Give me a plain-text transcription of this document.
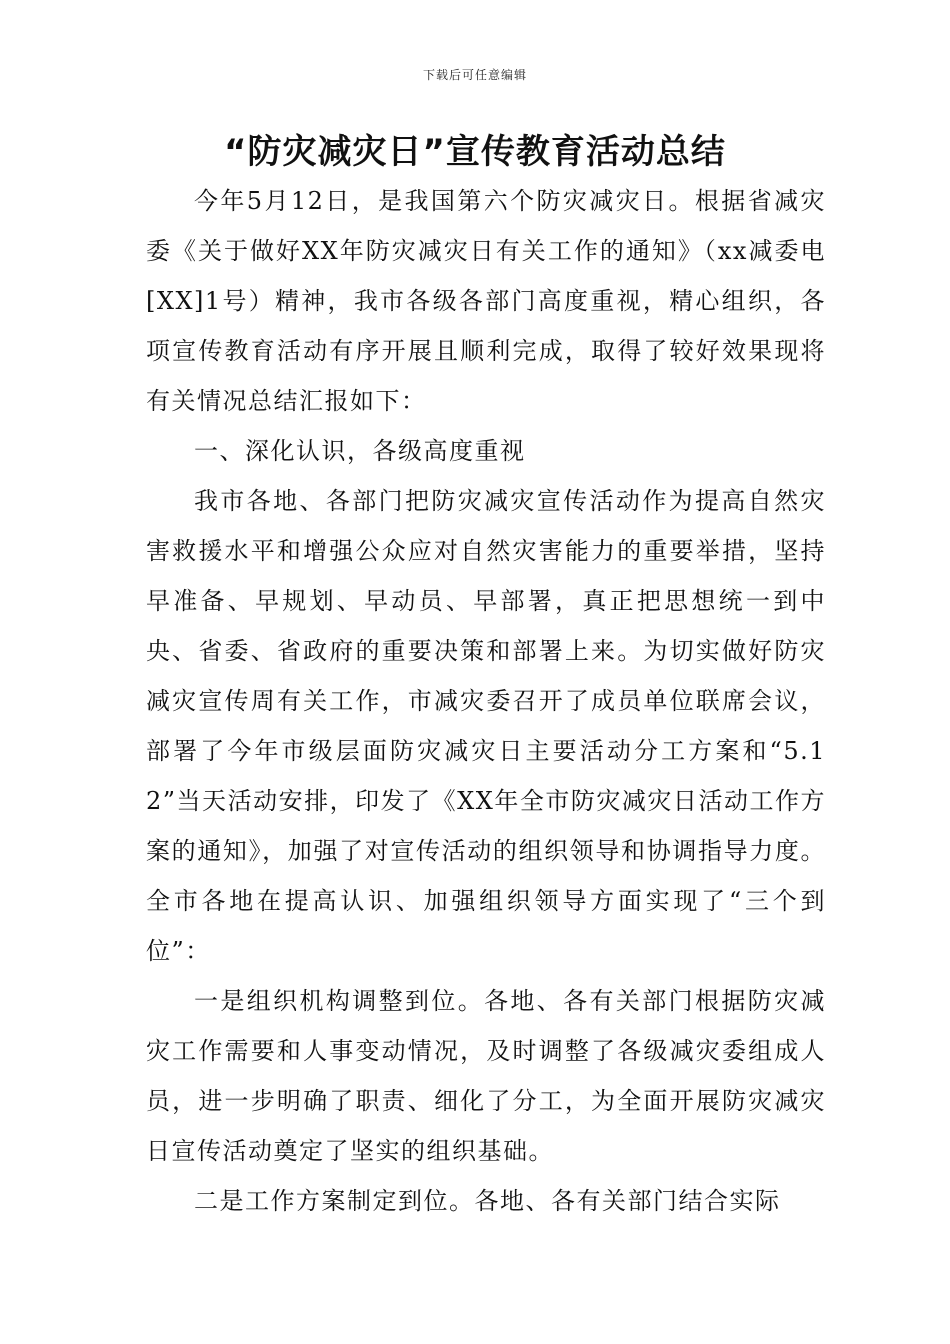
下载后可任意编辑
“防灾减灾日”宣传教育活动总结

今年5月12日，是我国第六个防灾减灾日。根据省减灾委《关于做好XX年防灾减灾日有关工作的通知》（xx减委电[XX]1号）精神，我市各级各部门高度重视，精心组织，各项宣传教育活动有序开展且顺利完成，取得了较好效果现将有关情况总结汇报如下：

一、深化认识，各级高度重视

我市各地、各部门把防灾减灾宣传活动作为提高自然灾害救援水平和增强公众应对自然灾害能力的重要举措，坚持早准备、早规划、早动员、早部署，真正把思想统一到中央、省委、省政府的重要决策和部署上来。为切实做好防灾减灾宣传周有关工作，市减灾委召开了成员单位联席会议，部署了今年市级层面防灾减灾日主要活动分工方案和“5.12”当天活动安排，印发了《XX年全市防灾减灾日活动工作方案的通知》，加强了对宣传活动的组织领导和协调指导力度。全市各地在提高认识、加强组织领导方面实现了“三个到位”：

一是组织机构调整到位。各地、各有关部门根据防灾减灾工作需要和人事变动情况，及时调整了各级减灾委组成人员，进一步明确了职责、细化了分工，为全面开展防灾减灾日宣传活动奠定了坚实的组织基础。

二是工作方案制定到位。各地、各有关部门结合实际
